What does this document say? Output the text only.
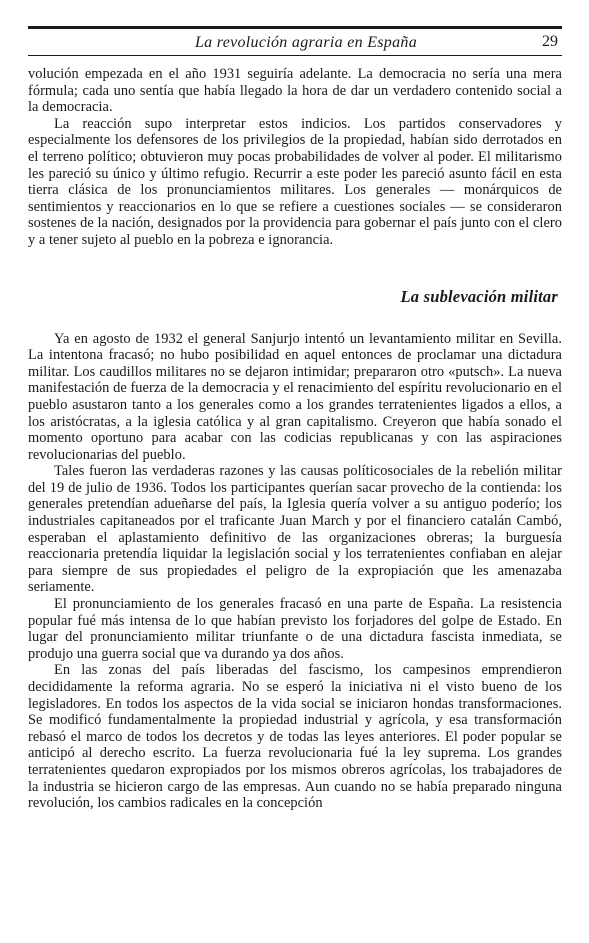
La revolución agraria en España	29

volución empezada en el año 1931 seguiría adelante. La democracia no sería una mera fórmula; cada uno sentía que había llegado la hora de dar un verdadero contenido social a la democracia.

La reacción supo interpretar estos indicios. Los partidos conservadores y especialmente los defensores de los privilegios de la propiedad, habían sido derrotados en el terreno político; obtuvieron muy pocas probabilidades de volver al poder. El militarismo les pareció su único y último refugio. Recurrir a este poder les pareció asunto fácil en esta tierra clásica de los pronunciamientos militares. Los generales — monárquicos de sentimientos y reaccionarios en lo que se refiere a cuestiones sociales — se consideraron sostenes de la nación, designados por la providencia para gobernar el país junto con el clero y a tener sujeto al pueblo en la pobreza e ignorancia.

La sublevación militar

Ya en agosto de 1932 el general Sanjurjo intentó un levantamiento militar en Sevilla. La intentona fracasó; no hubo posibilidad en aquel entonces de proclamar una dictadura militar. Los caudillos militares no se dejaron intimidar; prepararon otro «putsch». La nueva manifestación de fuerza de la democracia y el renacimiento del espíritu revolucionario en el pueblo asustaron tanto a los generales como a los grandes terratenientes ligados a ellos, a los aristócratas, a la iglesia católica y al gran capitalismo. Creyeron que había sonado el momento oportuno para acabar con las codicias republicanas y con las aspiraciones revolucionarias del pueblo.

Tales fueron las verdaderas razones y las causas políticosociales de la rebelión militar del 19 de julio de 1936. Todos los participantes querían sacar provecho de la contienda: los generales pretendían adueñarse del país, la Iglesia quería volver a su antiguo poderío; los industriales capitaneados por el traficante Juan March y por el financiero catalán Cambó, esperaban el aplastamiento definitivo de las organizaciones obreras; la burguesía reaccionaria pretendía liquidar la legislación social y los terratenientes confiaban en alejar para siempre de sus propiedades el peligro de la expropiación que les amenazaba seriamente.

El pronunciamiento de los generales fracasó en una parte de España. La resistencia popular fué más intensa de lo que habían previsto los forjadores del golpe de Estado. En lugar del pronunciamiento militar triunfante o de una dictadura fascista inmediata, se produjo una guerra social que va durando ya dos años.

En las zonas del país liberadas del fascismo, los campesinos emprendieron decididamente la reforma agraria. No se esperó la iniciativa ni el visto bueno de los legisladores. En todos los aspectos de la vida social se iniciaron hondas transformaciones. Se modificó fundamentalmente la propiedad industrial y agrícola, y esa transformación rebasó el marco de todos los decretos y de todas las leyes anteriores. El poder popular se anticipó al derecho escrito. La fuerza revolucionaria fué la ley suprema. Los grandes terratenientes quedaron expropiados por los mismos obreros agrícolas, los trabajadores de la industria se hicieron cargo de las empresas. Aun cuando no se había preparado ninguna revolución, los cambios radicales en la concepción
